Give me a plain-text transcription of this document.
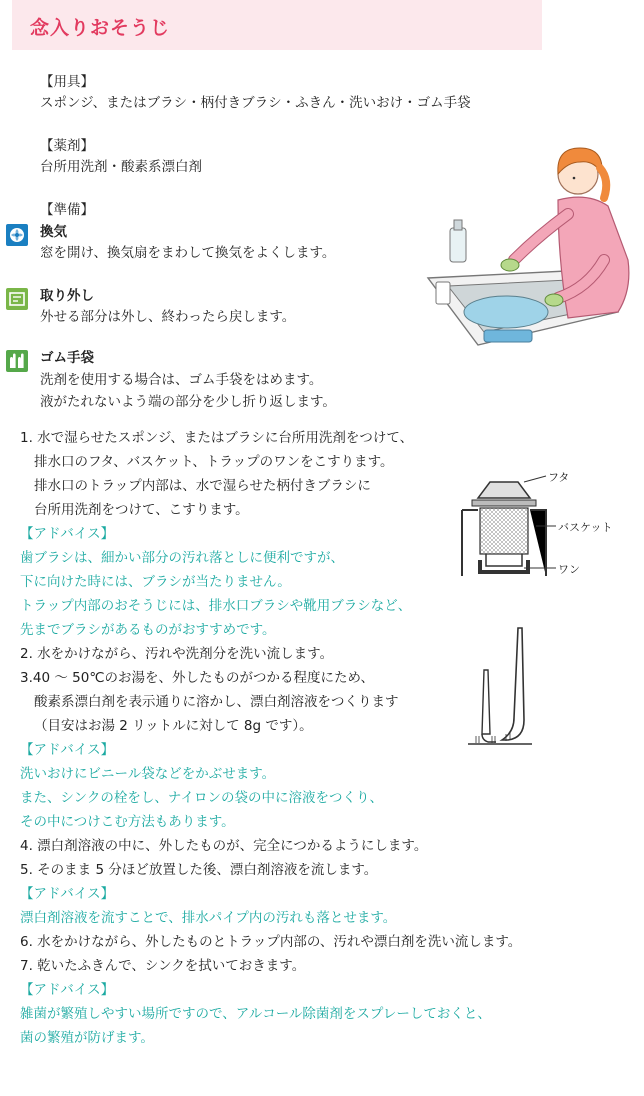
念入りおそうじ
【用具】
スポンジ、またはブラシ・柄付きブラシ・ふきん・洗いおけ・ゴム手袋
【薬剤】
台所用洗剤・酸素系漂白剤
【準備】
換気
窓を開け、換気扇をまわして換気をよくします。
取り外し
外せる部分は外し、終わったら戻します。
ゴム手袋
洗剤を使用する場合は、ゴム手袋をはめます。
液がたれないよう端の部分を少し折り返します。
1. 水で湿らせたスポンジ、またはブラシに台所用洗剤をつけて、
排水口のフタ、バスケット、トラップのワンをこすります。
排水口のトラップ内部は、水で湿らせた柄付きブラシに
台所用洗剤をつけて、こすります。
【アドバイス】
歯ブラシは、細かい部分の汚れ落としに便利ですが、
下に向けた時には、ブラシが当たりません。
トラップ内部のおそうじには、排水口ブラシや靴用ブラシなど、
先までブラシがあるものがおすすめです。
フタ
バスケット
ワン
2. 水をかけながら、汚れや洗剤分を洗い流します。
3.40 ～ 50℃のお湯を、外したものがつかる程度にため、
酸素系漂白剤を表示通りに溶かし、漂白剤溶液をつくります
（目安はお湯 2 リットルに対して 8g です）。
【アドバイス】
洗いおけにビニール袋などをかぶせます。
また、シンクの栓をし、ナイロンの袋の中に溶液をつくり、
その中につけこむ方法もあります。
4. 漂白剤溶液の中に、外したものが、完全につかるようにします。
5. そのまま 5 分ほど放置した後、漂白剤溶液を流します。
【アドバイス】
漂白剤溶液を流すことで、排水パイプ内の汚れも落とせます。
6. 水をかけながら、外したものとトラップ内部の、汚れや漂白剤を洗い流します。
7. 乾いたふきんで、シンクを拭いておきます。
【アドバイス】
雑菌が繁殖しやすい場所ですので、アルコール除菌剤をスプレーしておくと、
菌の繁殖が防げます。
